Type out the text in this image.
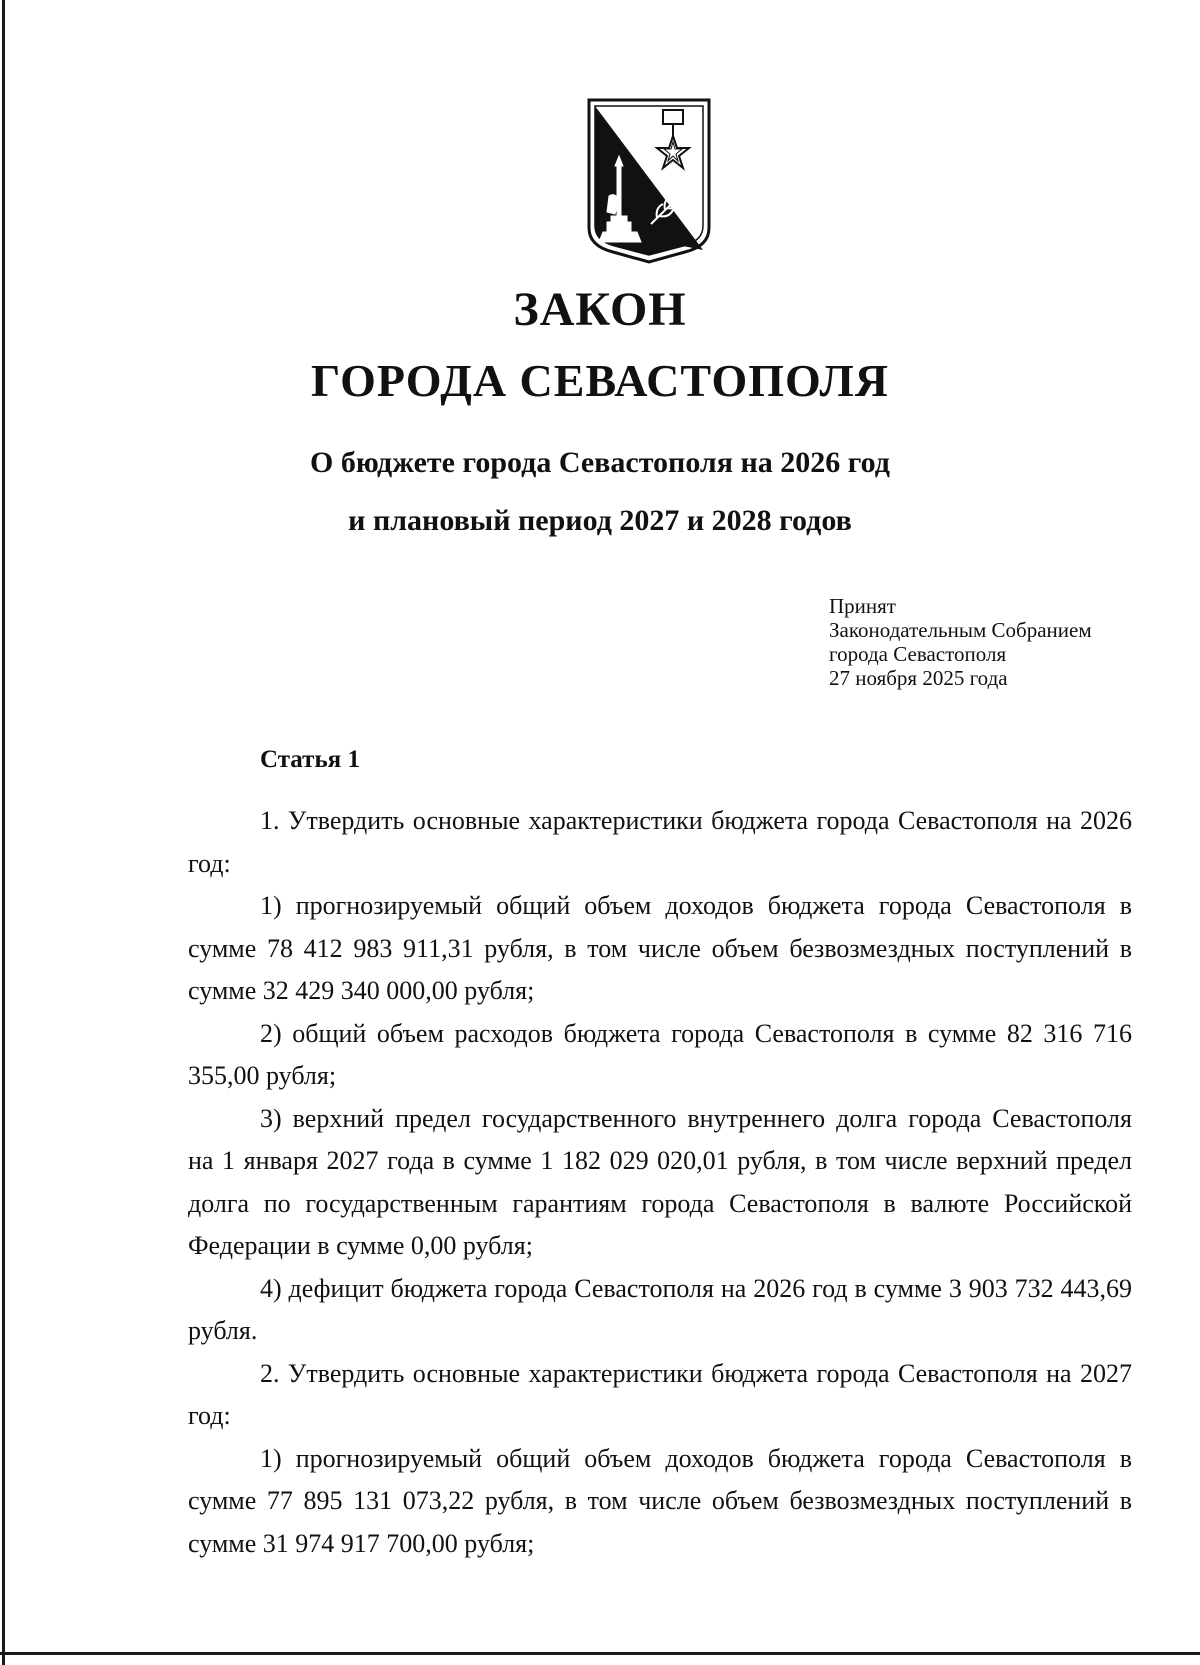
ЗАКОН
ГОРОДА СЕВАСТОПОЛЯ

О бюджете города Севастополя на 2026 год

и плановый период 2027 и 2028 годов

Принят
Законодательным Собранием
города Севастополя
27 ноября 2025 года
Статья 1

1. Утвердить основные характеристики бюджета города Севастополя на 2026 год:

1) прогнозируемый общий объем доходов бюджета города Севастополя в сумме 78 412 983 911,31 рубля, в том числе объем безвозмездных поступлений в сумме 32 429 340 000,00 рубля;

2) общий объем расходов бюджета города Севастополя в сумме 82 316 716 355,00 рубля;

3) верхний предел государственного внутреннего долга города Севастополя на 1 января 2027 года в сумме 1 182 029 020,01 рубля, в том числе верхний предел долга по государственным гарантиям города Севастополя в валюте Российской Федерации в сумме 0,00 рубля;

4) дефицит бюджета города Севастополя на 2026 год в сумме 3 903 732 443,69 рубля.

2. Утвердить основные характеристики бюджета города Севастополя на 2027 год:

1) прогнозируемый общий объем доходов бюджета города Севастополя в сумме 77 895 131 073,22 рубля, в том числе объем безвозмездных поступлений в сумме 31 974 917 700,00 рубля;
